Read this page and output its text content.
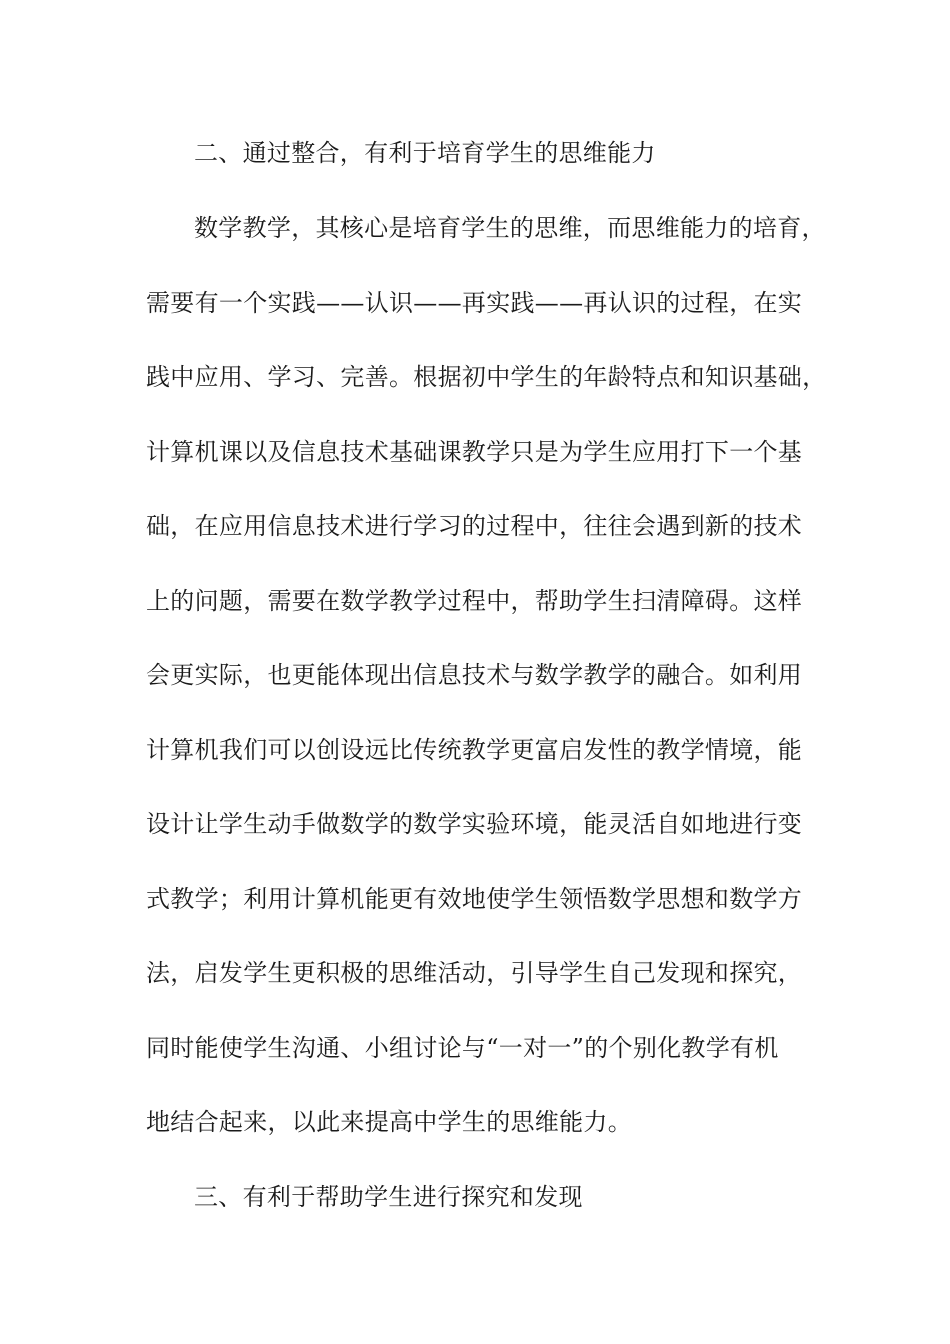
二、通过整合，有利于培育学生的思维能力
数学教学，其核心是培育学生的思维，而思维能力的培育，
需要有一个实践——认识——再实践——再认识的过程，在实
践中应用、学习、完善。根据初中学生的年龄特点和知识基础，
计算机课以及信息技术基础课教学只是为学生应用打下一个基
础，在应用信息技术进行学习的过程中，往往会遇到新的技术
上的问题，需要在数学教学过程中，帮助学生扫清障碍。这样
会更实际，也更能体现出信息技术与数学教学的融合。如利用
计算机我们可以创设远比传统教学更富启发性的教学情境，能
设计让学生动手做数学的数学实验环境，能灵活自如地进行变
式教学；利用计算机能更有效地使学生领悟数学思想和数学方
法，启发学生更积极的思维活动，引导学生自己发现和探究，
同时能使学生沟通、小组讨论与“一对一”的个别化教学有机
地结合起来，以此来提高中学生的思维能力。
三、有利于帮助学生进行探究和发现
